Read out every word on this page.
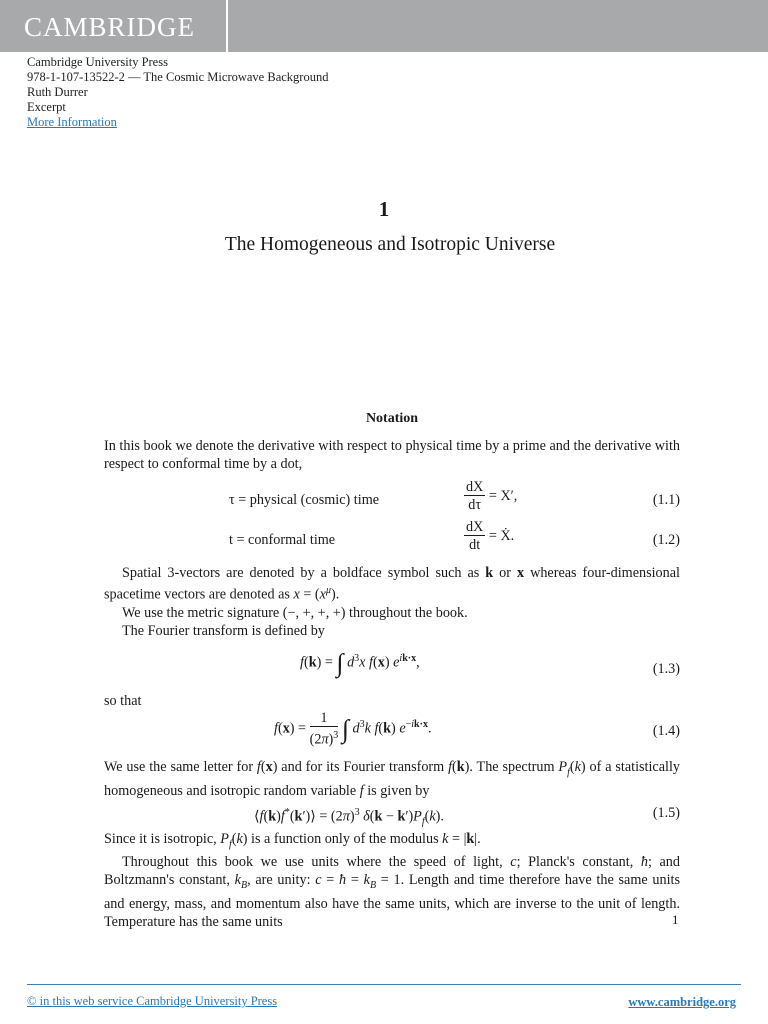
CAMBRIDGE
Cambridge University Press
978-1-107-13522-2 — The Cosmic Microwave Background
Ruth Durrer
Excerpt
More Information
1
The Homogeneous and Isotropic Universe
Notation

In this book we denote the derivative with respect to physical time by a prime and the derivative with respect to conformal time by a dot,

τ = physical (cosmic) time	$\frac{dX}{d\tau} = X'$,	(1.1)
t = conformal time	$\frac{dX}{dt}$ = Ẋ.	(1.2)

Spatial 3-vectors are denoted by a boldface symbol such as k or x whereas four-dimensional spacetime vectors are denoted as $x = (x^\mu)$.

We use the metric signature (−, +, +, +) throughout the book.

The Fourier transform is defined by

f(k) = ∫ $d^3x$ f(x) $e^{ik\cdot x}$,	(1.3)

so that

$f(x) = \frac{1}{(2\pi)^3}$ ∫ $d^3k$ f(k) $e^{-ik\cdot x}$.	(1.4)

We use the same letter for f(x) and for its Fourier transform f(k). The spectrum $P_f(k)$ of a statistically homogeneous and isotropic random variable f is given by

⟨f(k)f*(k′)⟩ = $(2\pi)^3$ $\delta(k - k')P_f(k)$.	(1.5)

Since it is isotropic, $P_f(k)$ is a function only of the modulus k = |k|.

Throughout this book we use units where the speed of light, c; Planck's constant, ħ; and Boltzmann's constant, $k_B$, are unity: c = ħ = $k_B = 1$. Length and time therefore have the same units and energy, mass, and momentum also have the same units, which are inverse to the unit of length. Temperature has the same units	1
© in this web service Cambridge University Press	www.cambridge.org
